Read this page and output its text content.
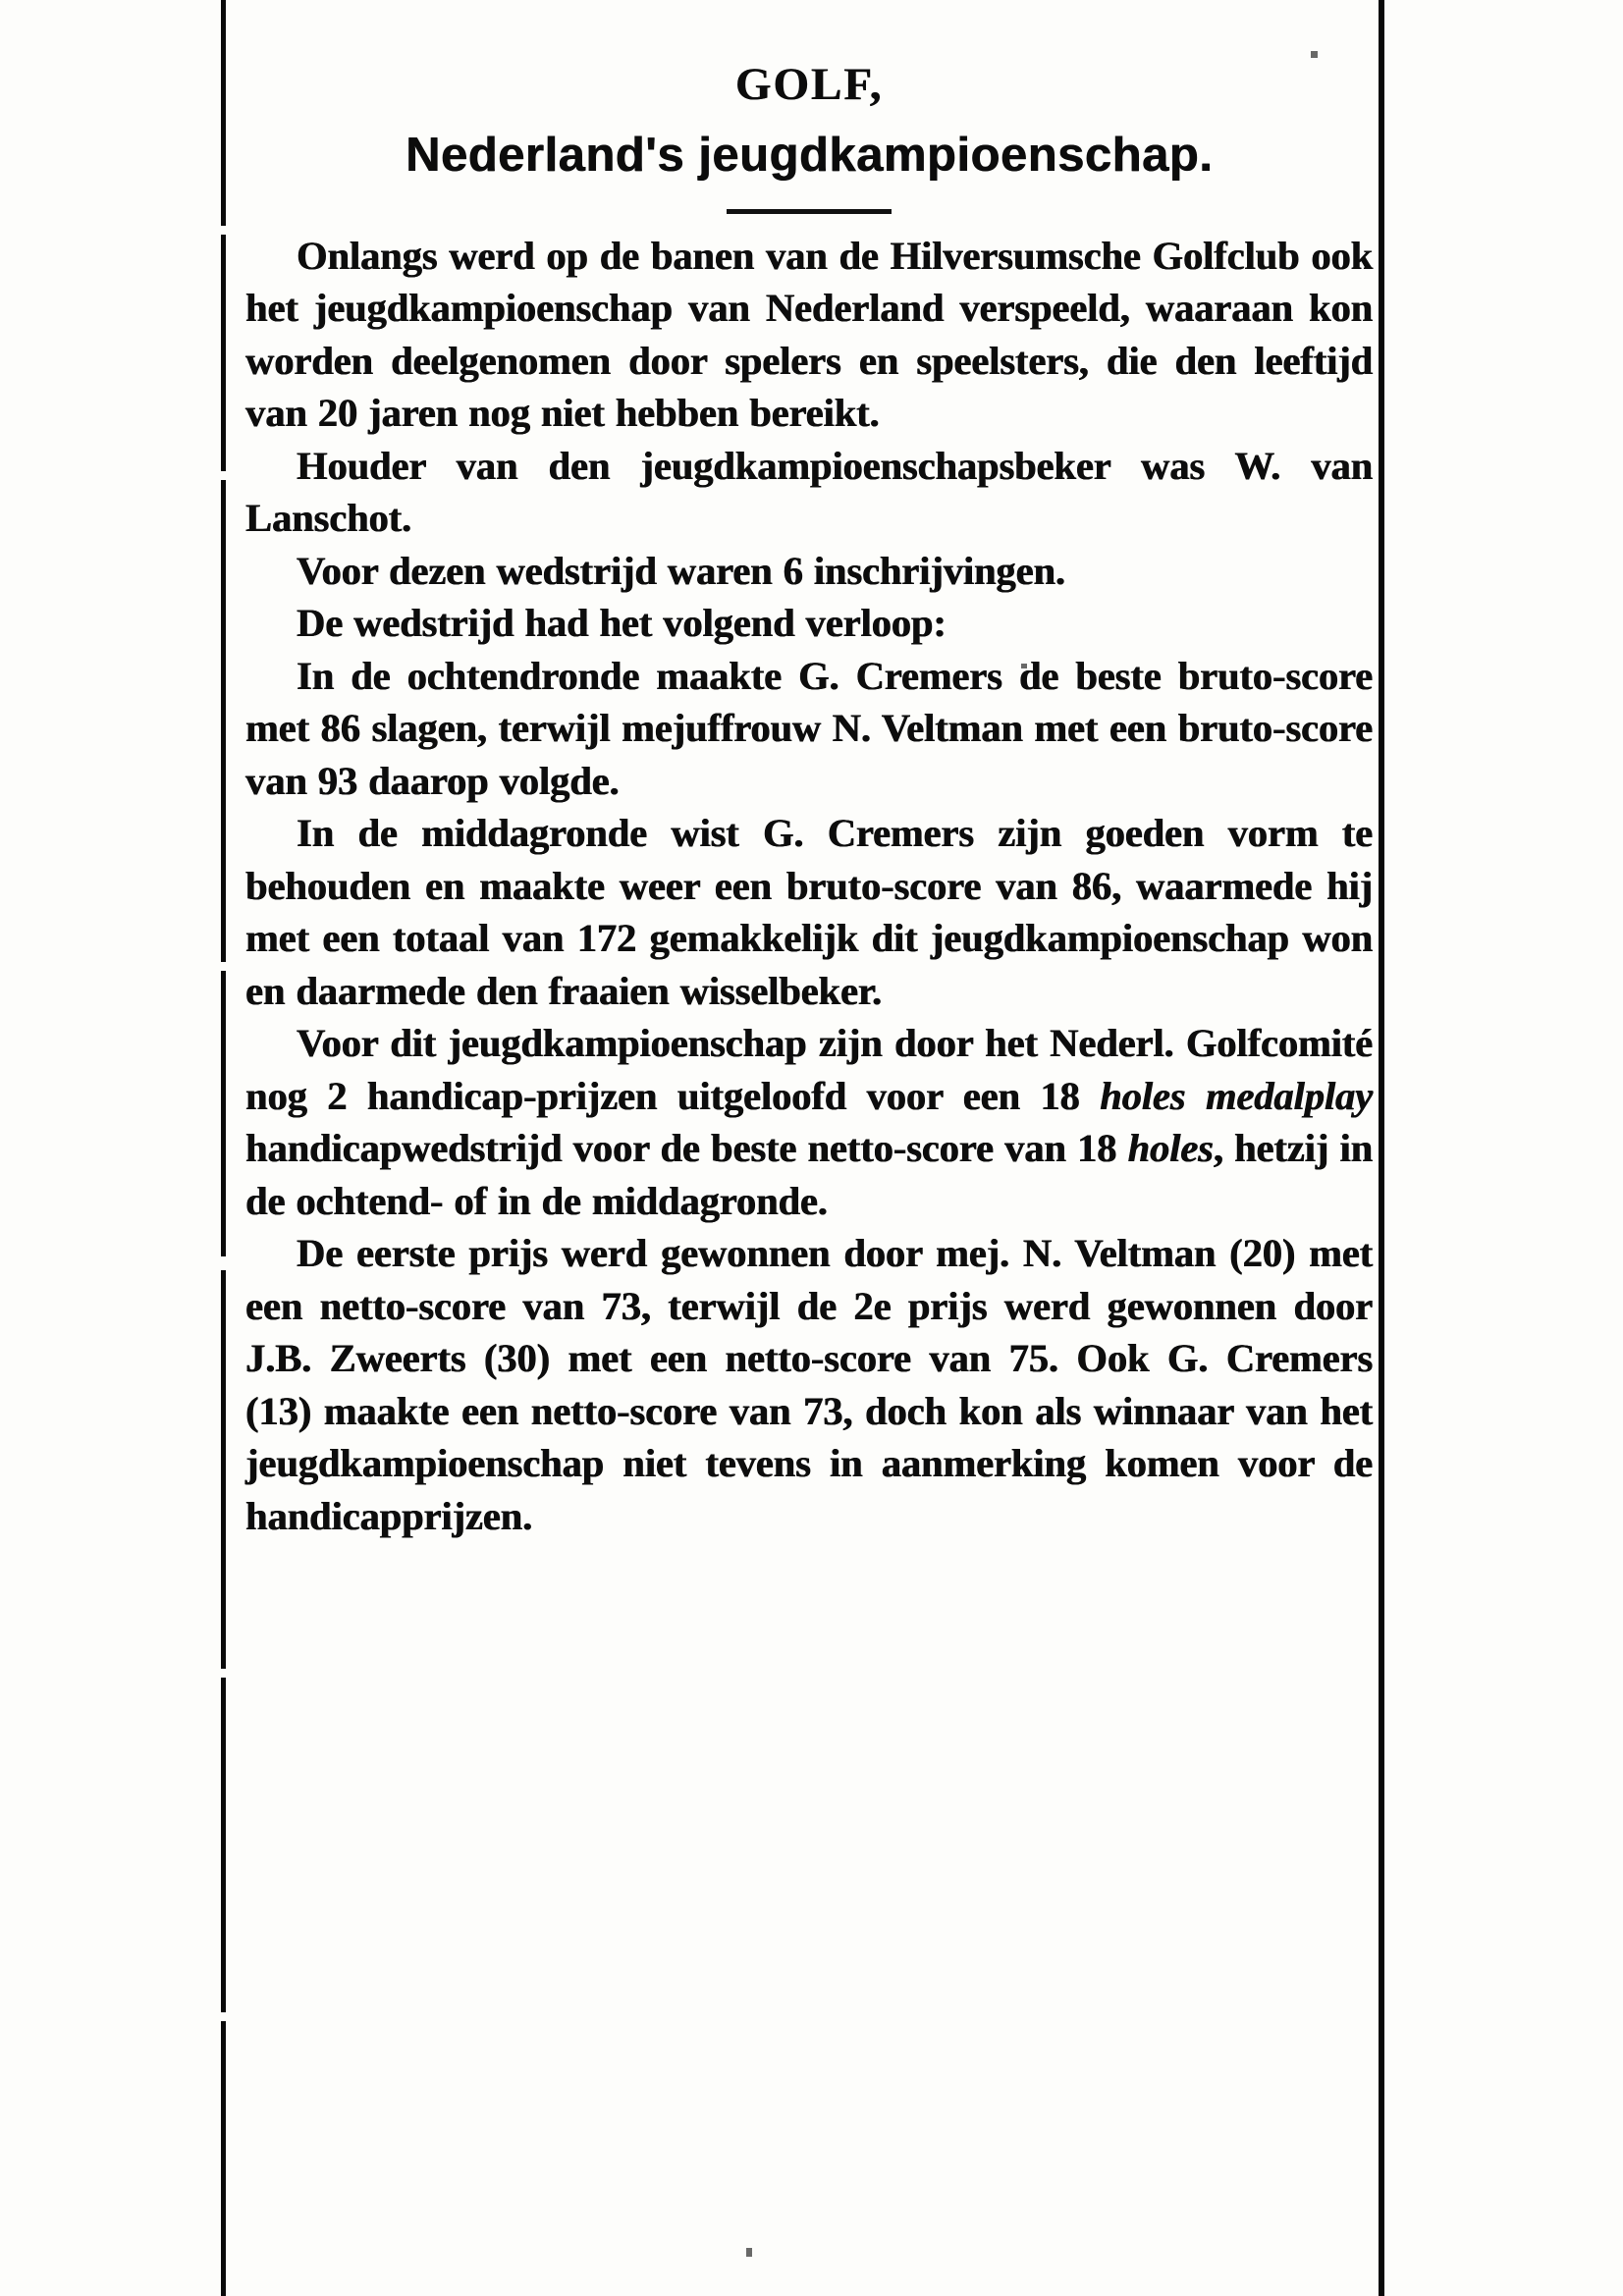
GOLF,
Nederland's jeugdkampioenschap.

Onlangs werd op de banen van de Hilversumsche Golfclub ook het jeugdkampioenschap van Nederland verspeeld, waaraan kon worden deelgenomen door spelers en speelsters, die den leeftijd van 20 jaren nog niet hebben bereikt.

Houder van den jeugdkampioenschapsbeker was W. van Lanschot.

Voor dezen wedstrijd waren 6 inschrijvingen.

De wedstrijd had het volgend verloop:

In de ochtendronde maakte G. Cremers de beste bruto-score met 86 slagen, terwijl mejuffrouw N. Veltman met een bruto-score van 93 daarop volgde.

In de middagronde wist G. Cremers zijn goeden vorm te behouden en maakte weer een bruto-score van 86, waarmede hij met een totaal van 172 gemakkelijk dit jeugdkampioenschap won en daarmede den fraaien wisselbeker.

Voor dit jeugdkampioenschap zijn door het Nederl. Golfcomité nog 2 handicap-prijzen uitgeloofd voor een 18 holes medalplay handicapwedstrijd voor de beste netto-score van 18 holes, hetzij in de ochtend- of in de middagronde.

De eerste prijs werd gewonnen door mej. N. Veltman (20) met een netto-score van 73, terwijl de 2e prijs werd gewonnen door J.B. Zweerts (30) met een netto-score van 75. Ook G. Cremers (13) maakte een netto-score van 73, doch kon als winnaar van het jeugdkampioenschap niet tevens in aanmerking komen voor de handicapprijzen.
